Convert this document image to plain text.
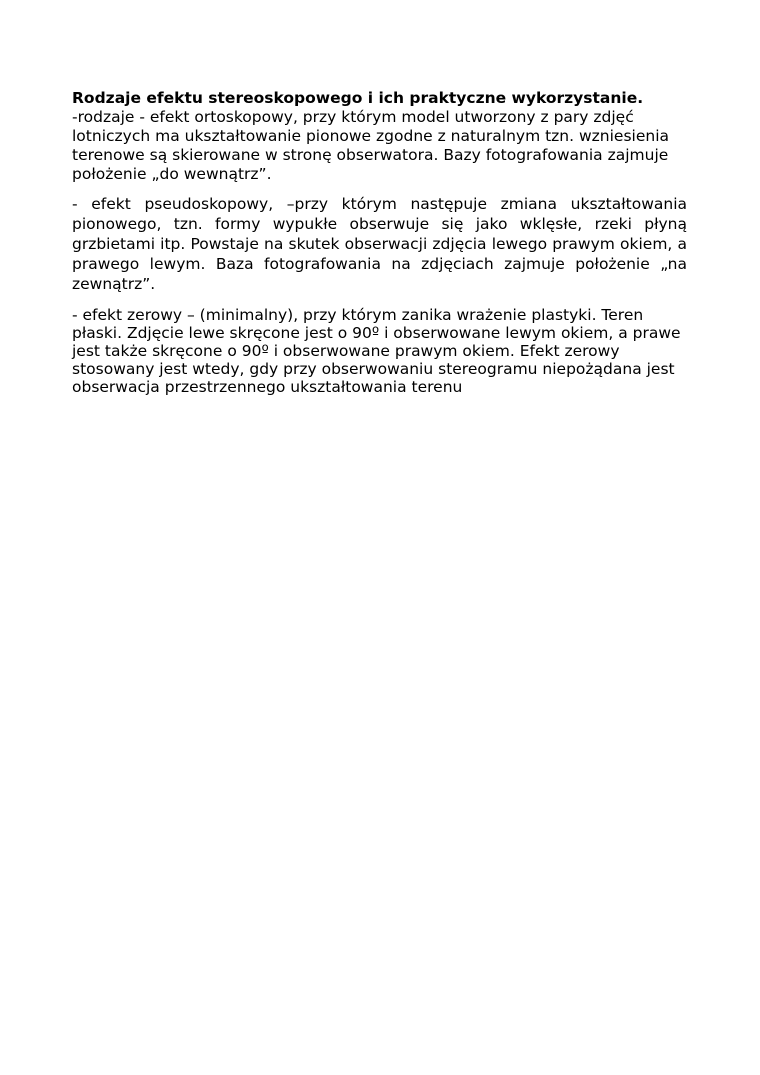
Rodzaje efektu stereoskopowego i ich praktyczne wykorzystanie.

-rodzaje - efekt ortoskopowy, przy którym model utworzony z pary zdjęć
lotniczych ma ukształtowanie pionowe zgodne z naturalnym tzn. wzniesienia
terenowe są skierowane w stronę obserwatora. Bazy fotografowania zajmuje
położenie „do wewnątrz”.

- efekt pseudoskopowy, –przy którym następuje zmiana ukształtowania
pionowego, tzn. formy wypukłe obserwuje się jako wklęsłe, rzeki płyną
grzbietami itp. Powstaje na skutek obserwacji zdjęcia lewego prawym okiem, a
prawego lewym. Baza fotografowania na zdjęciach zajmuje położenie „na
zewnątrz”.

- efekt zerowy – (minimalny), przy którym zanika wrażenie plastyki. Teren
płaski. Zdjęcie lewe skręcone jest o 90º i obserwowane lewym okiem, a prawe
jest także skręcone o 90º i obserwowane prawym okiem. Efekt zerowy
stosowany jest wtedy, gdy przy obserwowaniu stereogramu niepożądana jest
obserwacja przestrzennego ukształtowania terenu
